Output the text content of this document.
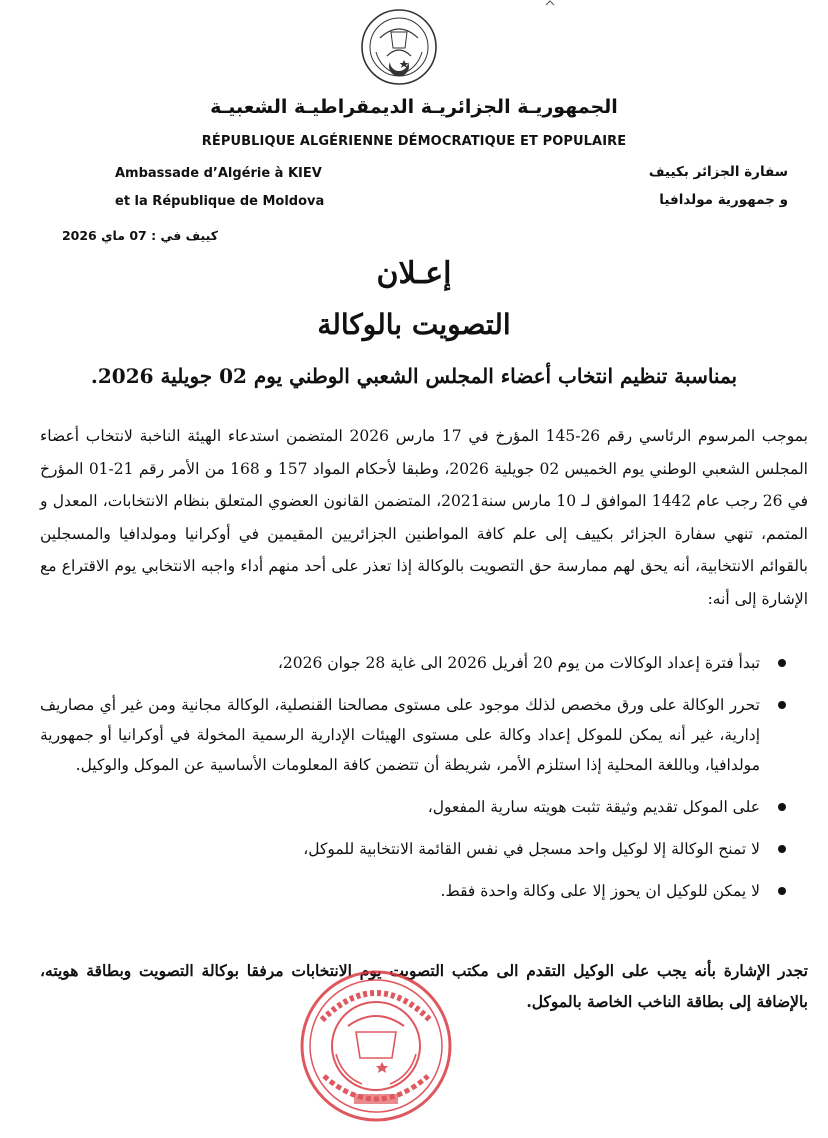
الجمهوريـة الجزائريـة الديمقراطيـة الشعبيـة
RÉPUBLIQUE ALGÉRIENNE DÉMOCRATIQUE ET POPULAIRE
Ambassade d’Algérie à KIEV
et la République de Moldova
سفارة الجزائر بكييف
و جمهورية مولدافيا
كييف في : 07 ماي 2026
إعـلان
التصويت بالوكالة
بمناسبة تنظيم انتخاب أعضاء المجلس الشعبي الوطني يوم 02 جويلية 2026.
بموجب المرسوم الرئاسي رقم 26-145 المؤرخ في 17 مارس 2026 المتضمن استدعاء الهيئة الناخبة لانتخاب أعضاء المجلس الشعبي الوطني يوم الخميس 02 جويلية 2026، وطبقا لأحكام المواد 157 و 168 من الأمر رقم 21-01 المؤرخ في 26 رجب عام 1442 الموافق لـ 10 مارس سنة2021، المتضمن القانون العضوي المتعلق بنظام الانتخابات، المعدل و المتمم، تنهي سفارة الجزائر بكييف إلى علم كافة المواطنين الجزائريين المقيمين في أوكرانيا ومولدافيا والمسجلين بالقوائم الانتخابية، أنه يحق لهم ممارسة حق التصويت بالوكالة إذا تعذر على أحد منهم أداء واجبه الانتخابي يوم الاقتراع مع الإشارة إلى أنه:
تبدأ فترة إعداد الوكالات من يوم 20 أفريل 2026 الى غاية 28 جوان 2026،
تحرر الوكالة على ورق مخصص لذلك موجود على مستوى مصالحنا القنصلية، الوكالة مجانية ومن غير أي مصاريف إدارية، غير أنه يمكن للموكل إعداد وكالة على مستوى الهيئات الإدارية الرسمية المخولة في أوكرانيا أو جمهورية مولدافيا، وباللغة المحلية إذا استلزم الأمر، شريطة أن تتضمن كافة المعلومات الأساسية عن الموكل والوكيل.
على الموكل تقديم وثيقة تثبت هويته سارية المفعول،
لا تمنح الوكالة إلا لوكيل واحد مسجل في نفس القائمة الانتخابية للموكل،
لا يمكن للوكيل ان يحوز إلا على وكالة واحدة فقط.
تجدر الإشارة بأنه يجب على الوكيل التقدم الى مكتب التصويت يوم الانتخابات مرفقا بوكالة التصويت وبطاقة هويته، بالإضافة إلى بطاقة الناخب الخاصة بالموكل.
